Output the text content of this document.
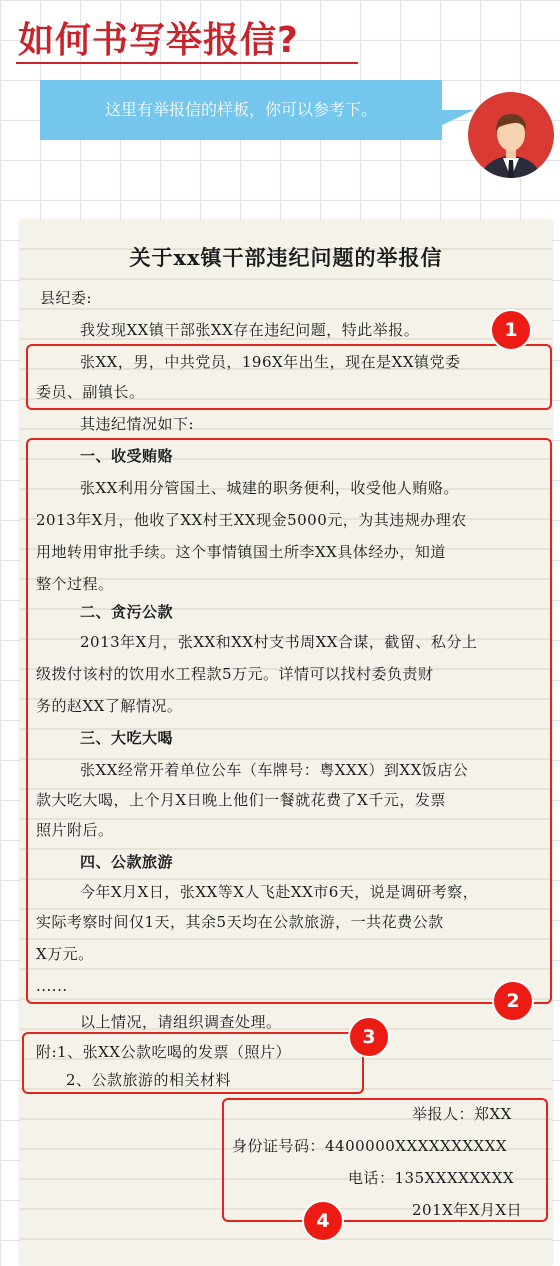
如何书写举报信?
这里有举报信的样板，你可以参考下。
关于xx镇干部违纪问题的举报信
县纪委:
我发现XX镇干部张XX存在违纪问题，特此举报。
张XX，男，中共党员，196X年出生，现在是XX镇党委
委员、副镇长。
其违纪情况如下:
一、收受贿赂
张XX利用分管国土、城建的职务便利，收受他人贿赂。
2013年X月，他收了XX村王XX现金5000元，为其违规办理农
用地转用审批手续。这个事情镇国土所李XX具体经办，知道
整个过程。
二、贪污公款
2013年X月，张XX和XX村支书周XX合谋，截留、私分上
级拨付该村的饮用水工程款5万元。详情可以找村委负责财
务的赵XX了解情况。
三、大吃大喝
张XX经常开着单位公车（车牌号：粤XXX）到XX饭店公
款大吃大喝，上个月X日晚上他们一餐就花费了X千元，发票
照片附后。
四、公款旅游
今年X月X日，张XX等X人飞赴XX市6天，说是调研考察，
实际考察时间仅1天，其余5天均在公款旅游，一共花费公款
X万元。
......
以上情况，请组织调查处理。
附:1、张XX公款吃喝的发票（照片）
2、公款旅游的相关材料
举报人：郑XX
身份证号码：4400000XXXXXXXXXX
电话：135XXXXXXXX
201X年X月X日
1
2
3
4
